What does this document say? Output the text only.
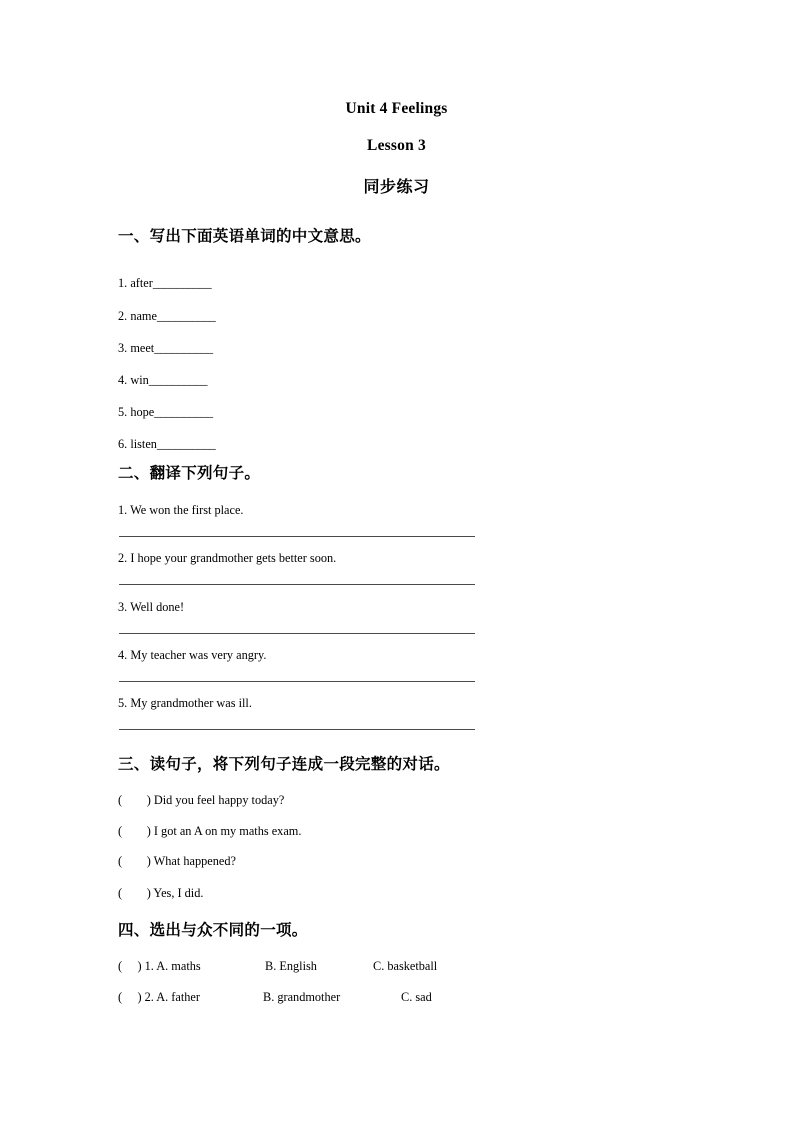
Unit 4 Feelings
Lesson 3
同步练习
一、写出下面英语单词的中文意思。
1. after__________
2. name__________
3. meet__________
4. win__________
5. hope__________
6. listen__________
二、翻译下列句子。
1. We won the first place.
2. I hope your grandmother gets better soon.
3. Well done!
4. My teacher was very angry.
5. My grandmother was ill.
三、读句子，将下列句子连成一段完整的对话。
(        ) Did you feel happy today?
(        ) I got an A on my maths exam.
(        ) What happened?
(        ) Yes, I did.
四、选出与众不同的一项。
(     ) 1. A. maths	B. English	C. basketball
(     ) 2. A. father	B. grandmother	C. sad
